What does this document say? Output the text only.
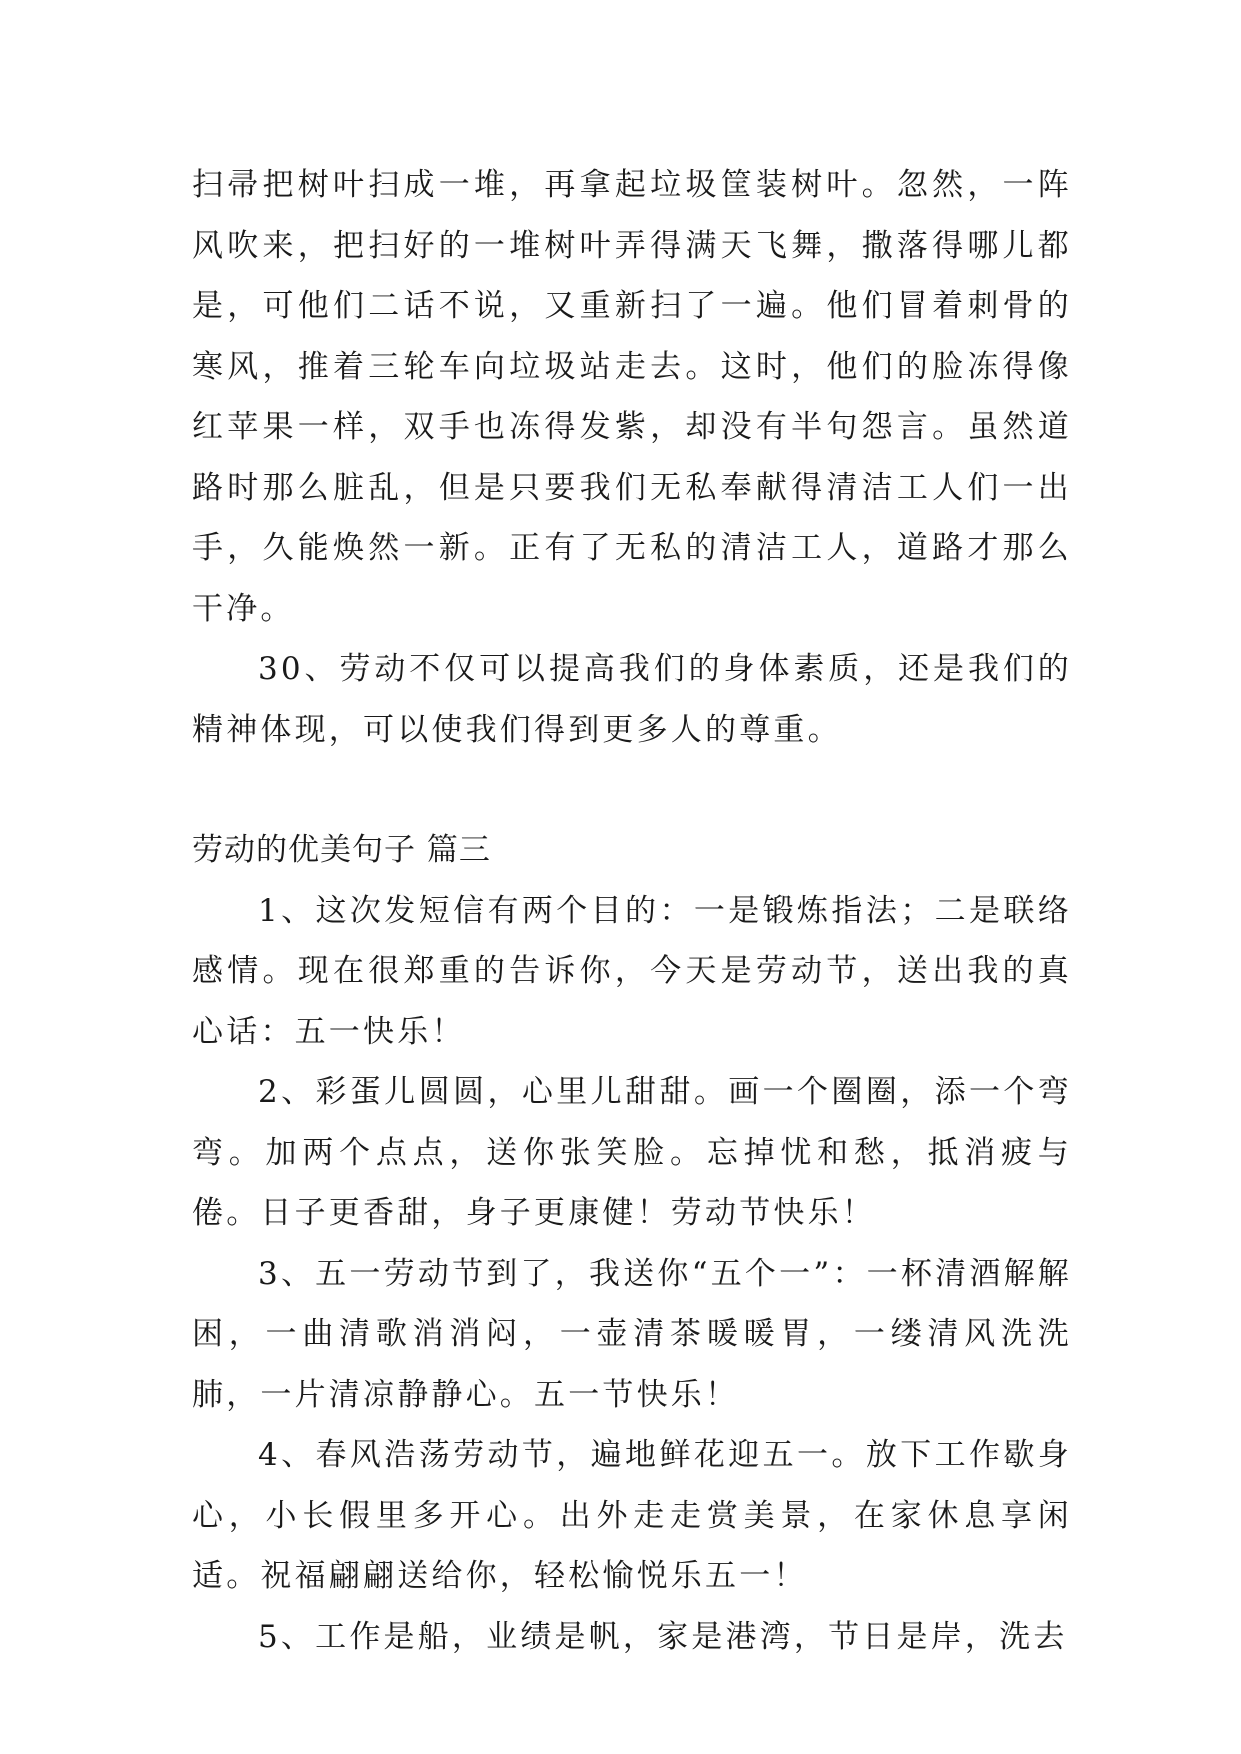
扫帚把树叶扫成一堆，再拿起垃圾筐装树叶。忽然，一阵风吹来，把扫好的一堆树叶弄得满天飞舞，撒落得哪儿都是，可他们二话不说，又重新扫了一遍。他们冒着刺骨的寒风，推着三轮车向垃圾站走去。这时，他们的脸冻得像红苹果一样，双手也冻得发紫，却没有半句怨言。虽然道路时那么脏乱，但是只要我们无私奉献得清洁工人们一出手，久能焕然一新。正有了无私的清洁工人，道路才那么干净。

30、劳动不仅可以提高我们的身体素质，还是我们的精神体现，可以使我们得到更多人的尊重。

劳动的优美句子 篇三

1、这次发短信有两个目的：一是锻炼指法；二是联络感情。现在很郑重的告诉你，今天是劳动节，送出我的真心话：五一快乐！

2、彩蛋儿圆圆，心里儿甜甜。画一个圈圈，添一个弯弯。加两个点点，送你张笑脸。忘掉忧和愁，抵消疲与倦。日子更香甜，身子更康健！劳动节快乐！

3、五一劳动节到了，我送你“五个一”：一杯清酒解解困，一曲清歌消消闷，一壶清茶暖暖胃，一缕清风洗洗肺，一片清凉静静心。五一节快乐！

4、春风浩荡劳动节，遍地鲜花迎五一。放下工作歇身心，小长假里多开心。出外走走赏美景，在家休息享闲适。祝福翩翩送给你，轻松愉悦乐五一！

5、工作是船，业绩是帆，家是港湾，节日是岸，洗去
